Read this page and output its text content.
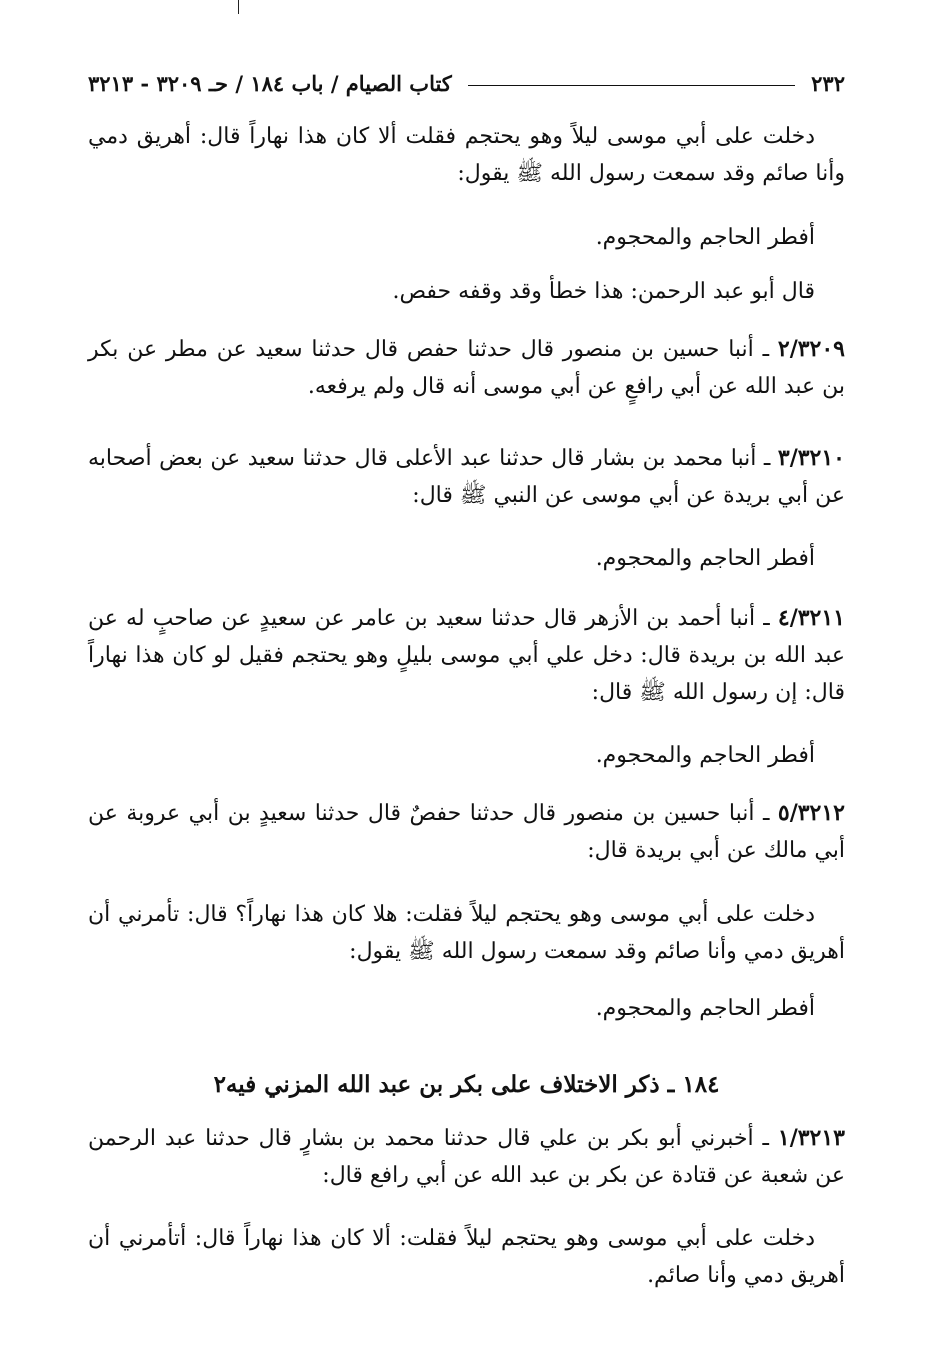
٢٣٢
كتاب الصيام / باب ١٨٤ / حـ ٣٢٠٩ - ٣٢١٣

دخلت على أبي موسى ليلاً وهو يحتجم فقلت ألا كان هذا نهاراً قال: أهريق دمي وأنا صائم وقد سمعت رسول الله ﷺ يقول:

أفطر الحاجم والمحجوم.

قال أبو عبد الرحمن: هذا خطأ وقد وقفه حفص.

٢/٣٢٠٩ ـ أنبا حسين بن منصور قال حدثنا حفص قال حدثنا سعيد عن مطر عن بكر بن عبد الله عن أبي رافعٍ عن أبي موسى أنه قال ولم يرفعه.

٣/٣٢١٠ ـ أنبا محمد بن بشار قال حدثنا عبد الأعلى قال حدثنا سعيد عن بعض أصحابه عن أبي بريدة عن أبي موسى عن النبي ﷺ قال:

أفطر الحاجم والمحجوم.

٤/٣٢١١ ـ أنبا أحمد بن الأزهر قال حدثنا سعيد بن عامر عن سعيدٍ عن صاحبٍ له عن عبد الله بن بريدة قال: دخل علي أبي موسى بليلٍ وهو يحتجم فقيل لو كان هذا نهاراً قال: إن رسول الله ﷺ قال:

أفطر الحاجم والمحجوم.

٥/٣٢١٢ ـ أنبا حسين بن منصور قال حدثنا حفصٌ قال حدثنا سعيدٍ بن أبي عروبة عن أبي مالك عن أبي بريدة قال:

دخلت على أبي موسى وهو يحتجم ليلاً فقلت: هلا كان هذا نهاراً؟ قال: تأمرني أن أهريق دمي وأنا صائم وقد سمعت رسول الله ﷺ يقول:

أفطر الحاجم والمحجوم.

١٨٤ ـ ذكر الاختلاف على بكر بن عبد الله المزني فيه٢

١/٣٢١٣ ـ أخبرني أبو بكر بن علي قال حدثنا محمد بن بشارٍ قال حدثنا عبد الرحمن عن شعبة عن قتادة عن بكر بن عبد الله عن أبي رافع قال:

دخلت على أبي موسى وهو يحتجم ليلاً فقلت: ألا كان هذا نهاراً قال: أتأمرني أن أهريق دمي وأنا صائم.
